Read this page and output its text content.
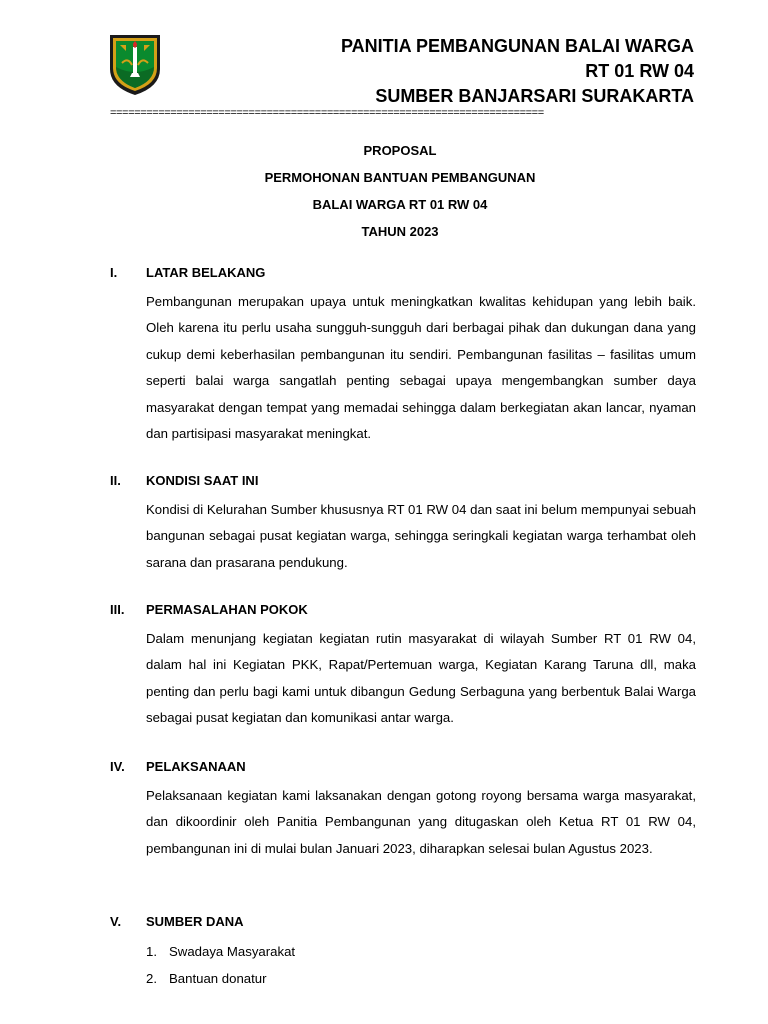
PANITIA PEMBANGUNAN BALAI WARGA
RT 01 RW 04
SUMBER BANJARSARI SURAKARTA
========================================================================
PROPOSAL
PERMOHONAN BANTUAN PEMBANGUNAN
BALAI WARGA RT 01 RW 04
TAHUN 2023
I. LATAR BELAKANG
Pembangunan merupakan upaya untuk meningkatkan kwalitas kehidupan yang lebih baik. Oleh karena itu perlu usaha sungguh-sungguh dari berbagai pihak dan dukungan dana yang cukup demi keberhasilan pembangunan itu sendiri. Pembangunan fasilitas – fasilitas umum seperti balai warga sangatlah penting sebagai upaya mengembangkan sumber daya masyarakat dengan tempat yang memadai sehingga dalam berkegiatan akan lancar, nyaman dan partisipasi masyarakat meningkat.
II. KONDISI SAAT INI
Kondisi di Kelurahan Sumber khususnya RT 01 RW 04 dan saat ini belum mempunyai sebuah bangunan sebagai pusat kegiatan warga, sehingga seringkali kegiatan warga terhambat oleh sarana dan prasarana pendukung.
III. PERMASALAHAN POKOK
Dalam menunjang kegiatan kegiatan rutin masyarakat di wilayah Sumber RT 01 RW 04, dalam hal ini Kegiatan PKK, Rapat/Pertemuan warga, Kegiatan Karang Taruna dll, maka penting dan perlu bagi kami untuk dibangun Gedung Serbaguna yang berbentuk Balai Warga sebagai pusat kegiatan dan komunikasi antar warga.
IV. PELAKSANAAN
Pelaksanaan kegiatan kami laksanakan dengan gotong royong bersama warga masyarakat, dan dikoordinir oleh Panitia Pembangunan yang ditugaskan oleh Ketua RT 01 RW 04, pembangunan ini di mulai bulan Januari 2023, diharapkan selesai bulan Agustus 2023.
V. SUMBER DANA
1. Swadaya Masyarakat
2. Bantuan donatur
